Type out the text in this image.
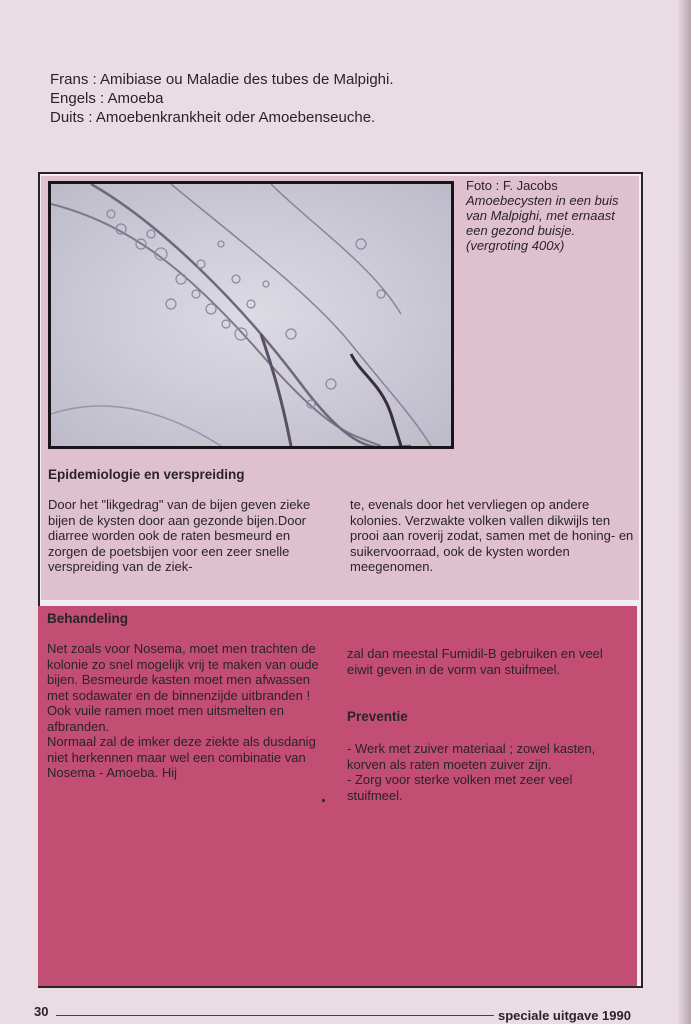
Frans : Amibiase ou Maladie des tubes de Malpighi.
Engels : Amoeba
Duits : Amoebenkrankheit oder Amoebenseuche.
Foto : F. Jacobs
Amoebecysten in een buis van Malpighi, met ernaast een gezond buisje. (vergroting 400x)
Epidemiologie en verspreiding
Door het "likgedrag" van de bijen geven zieke bijen de kysten door aan gezonde bijen.Door diarree worden ook de raten besmeurd en zorgen de poetsbijen voor een zeer snelle verspreiding van de ziek-
te, evenals door het vervliegen op andere kolonies. Verzwakte volken vallen dikwijls ten prooi aan roverij zodat, samen met de honing- en suikervoorraad, ook de kysten worden meegenomen.
Behandeling

Net zoals voor Nosema, moet men trachten de kolonie zo snel mogelijk vrij te maken van oude bijen. Besmeurde kasten moet men afwassen met sodawater en de binnenzijde uitbranden ! Ook vuile ramen moet men uitsmelten en afbranden.

Normaal zal de imker deze ziekte als dusdanig niet herkennen maar wel een combinatie van Nosema - Amoeba. Hij

zal dan meestal Fumidil-B gebruiken en veel eiwit geven in de vorm van stuifmeel.

Preventie

- Werk met zuiver materiaal ; zowel kasten, korven als raten moeten zuiver zijn.

- Zorg voor sterke volken met zeer veel stuifmeel.

30	speciale uitgave 1990
